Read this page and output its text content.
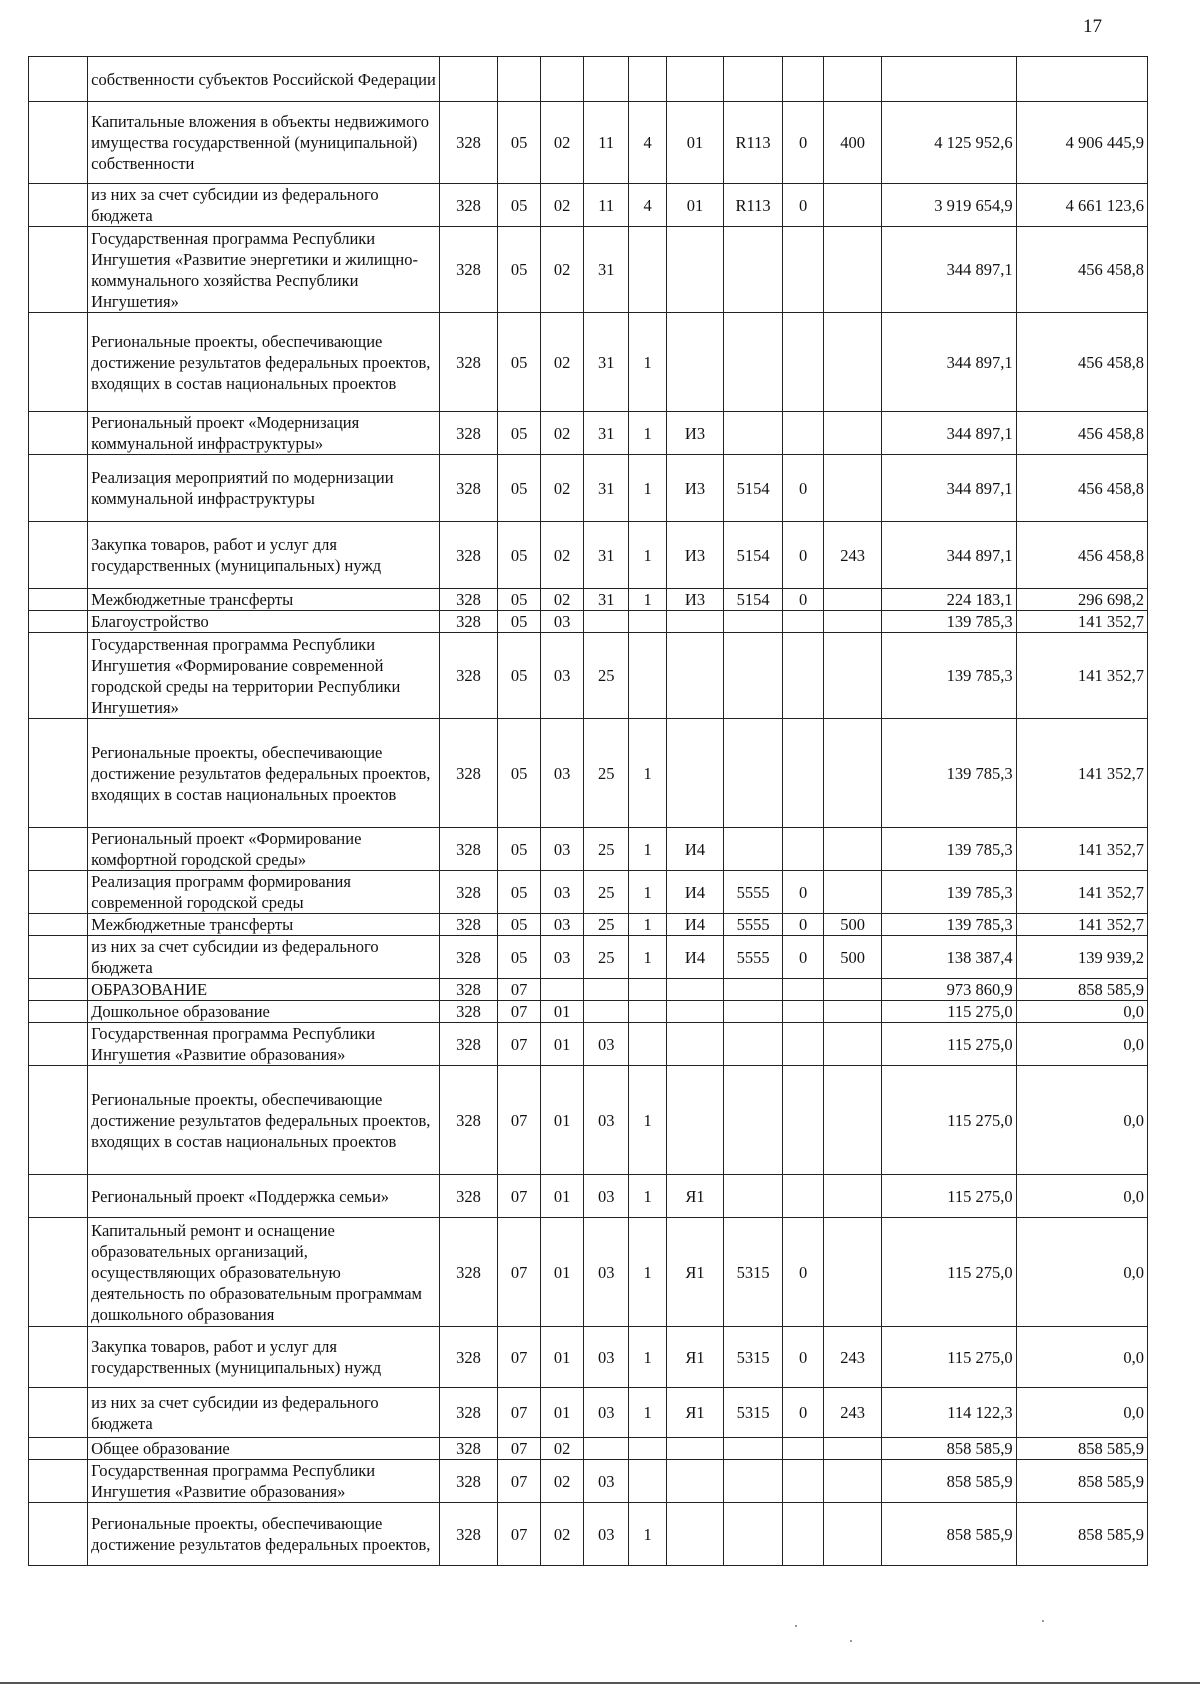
17
	собственности субъектов Российской Федерации											
	Капитальные вложения в объекты недвижимого имущества государственной (муниципальной) собственности	328	05	02	11	4	01	R113	0	400	4 125 952,6	4 906 445,9
	из них за счет субсидии из федерального бюджета	328	05	02	11	4	01	R113	0		3 919 654,9	4 661 123,6
	Государственная программа Республики Ингушетия «Развитие энергетики и жилищно-коммунального хозяйства Республики Ингушетия»	328	05	02	31						344 897,1	456 458,8
	Региональные проекты, обеспечивающие достижение результатов федеральных проектов, входящих в состав национальных проектов	328	05	02	31	1					344 897,1	456 458,8
	Региональный проект «Модернизация коммунальной инфраструктуры»	328	05	02	31	1	И3				344 897,1	456 458,8
	Реализация мероприятий по модернизации коммунальной инфраструктуры	328	05	02	31	1	И3	5154	0		344 897,1	456 458,8
	Закупка товаров, работ и услуг для государственных (муниципальных) нужд	328	05	02	31	1	И3	5154	0	243	344 897,1	456 458,8
	Межбюджетные трансферты	328	05	02	31	1	И3	5154	0		224 183,1	296 698,2
	Благоустройство	328	05	03							139 785,3	141 352,7
	Государственная программа Республики Ингушетия «Формирование современной городской среды на территории Республики Ингушетия»	328	05	03	25						139 785,3	141 352,7
	Региональные проекты, обеспечивающие достижение результатов федеральных проектов, входящих в состав национальных проектов	328	05	03	25	1					139 785,3	141 352,7
	Региональный проект «Формирование комфортной городской среды»	328	05	03	25	1	И4				139 785,3	141 352,7
	Реализация программ формирования современной городской среды	328	05	03	25	1	И4	5555	0		139 785,3	141 352,7
	Межбюджетные трансферты	328	05	03	25	1	И4	5555	0	500	139 785,3	141 352,7
	из них за счет субсидии из федерального бюджета	328	05	03	25	1	И4	5555	0	500	138 387,4	139 939,2
	ОБРАЗОВАНИЕ	328	07								973 860,9	858 585,9
	Дошкольное образование	328	07	01							115 275,0	0,0
	Государственная программа Республики Ингушетия «Развитие образования»	328	07	01	03						115 275,0	0,0
	Региональные проекты, обеспечивающие достижение результатов федеральных проектов, входящих в состав национальных проектов	328	07	01	03	1					115 275,0	0,0
	Региональный проект «Поддержка семьи»	328	07	01	03	1	Я1				115 275,0	0,0
	Капитальный ремонт и оснащение образовательных организаций, осуществляющих образовательную деятельность по образовательным программам дошкольного образования	328	07	01	03	1	Я1	5315	0		115 275,0	0,0
	Закупка товаров, работ и услуг для государственных (муниципальных) нужд	328	07	01	03	1	Я1	5315	0	243	115 275,0	0,0
	из них за счет субсидии из федерального бюджета	328	07	01	03	1	Я1	5315	0	243	114 122,3	0,0
	Общее образование	328	07	02							858 585,9	858 585,9
	Государственная программа Республики Ингушетия «Развитие образования»	328	07	02	03						858 585,9	858 585,9
	Региональные проекты, обеспечивающие достижение результатов федеральных проектов,	328	07	02	03	1					858 585,9	858 585,9
